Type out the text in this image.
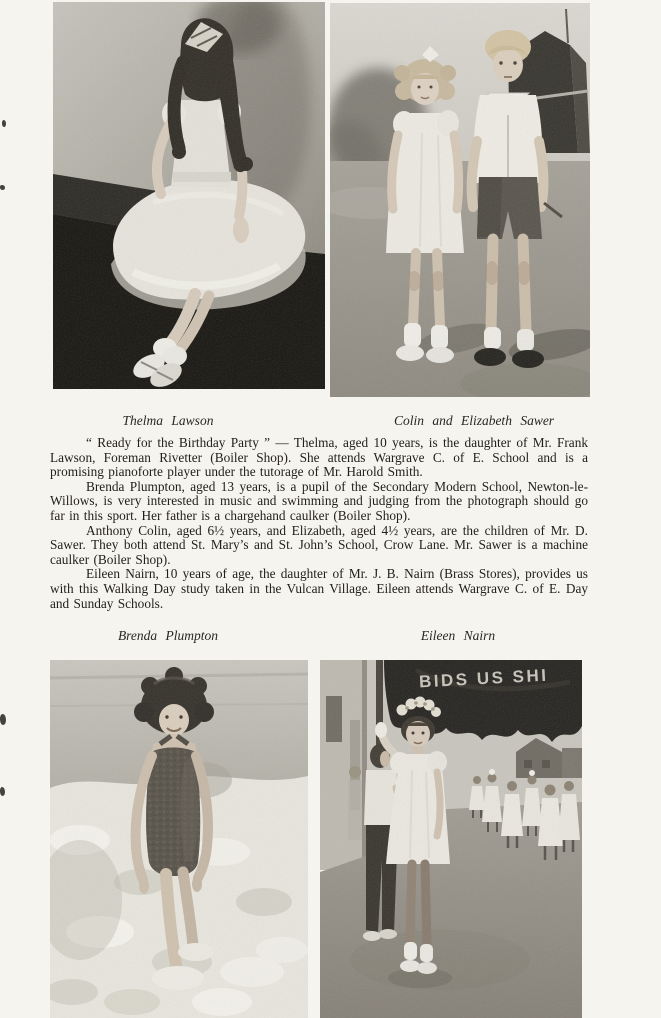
Thelma Lawson	Colin and Elizabeth Sawer

“ Ready for the Birthday Party ” — Thelma, aged 10 years, is the daughter of Mr. Frank Lawson, Foreman Rivetter (Boiler Shop). She attends Wargrave C. of E. School and is a promising pianoforte player under the tutorage of Mr. Harold Smith.

Brenda Plumpton, aged 13 years, is a pupil of the Secondary Modern School, Newton-le-Willows, is very interested in music and swimming and judging from the photograph should go far in this sport. Her father is a chargehand caulker (Boiler Shop).

Anthony Colin, aged 6½ years, and Elizabeth, aged 4½ years, are the children of Mr. D. Sawer. They both attend St. Mary’s and St. John’s School, Crow Lane. Mr. Sawer is a machine caulker (Boiler Shop).

Eileen Nairn, 10 years of age, the daughter of Mr. J. B. Nairn (Brass Stores), provides us with this Walking Day study taken in the Vulcan Village. Eileen attends Wargrave C. of E. Day and Sunday Schools.

Brenda Plumpton	Eileen Nairn
